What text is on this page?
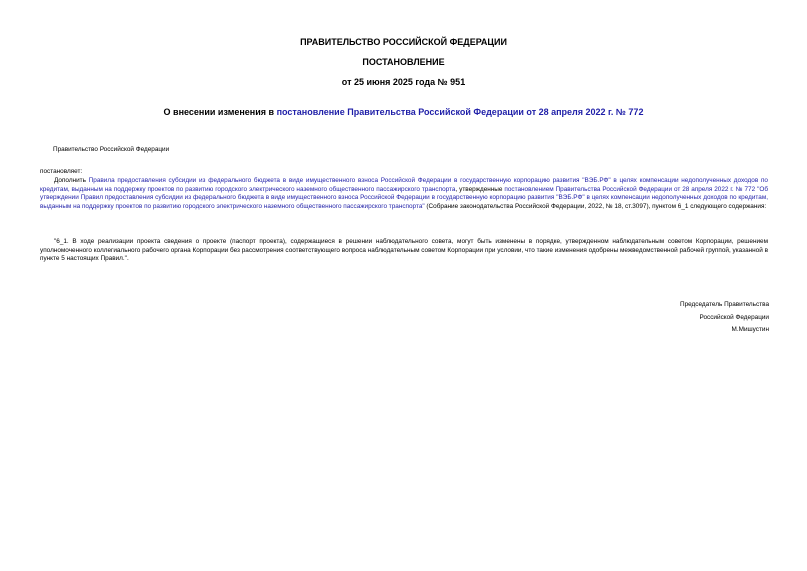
ПРАВИТЕЛЬСТВО РОССИЙСКОЙ ФЕДЕРАЦИИ
ПОСТАНОВЛЕНИЕ
от 25 июня 2025 года № 951
О внесении изменения в постановление Правительства Российской Федерации от 28 апреля 2022 г. № 772
Правительство Российской Федерации
постановляет:
Дополнить Правила предоставления субсидии из федерального бюджета в виде имущественного взноса Российской Федерации в государственную корпорацию развития "ВЭБ.РФ" в целях компенсации недополученных доходов по кредитам, выданным на поддержку проектов по развитию городского электрического наземного общественного пассажирского транспорта, утвержденные постановлением Правительства Российской Федерации от 28 апреля 2022 г. № 772 "Об утверждении Правил предоставления субсидии из федерального бюджета в виде имущественного взноса Российской Федерации в государственную корпорацию развития "ВЭБ.РФ" в целях компенсации недополученных доходов по кредитам, выданным на поддержку проектов по развитию городского электрического наземного общественного пассажирского транспорта" (Собрание законодательства Российской Федерации, 2022, № 18, ст.3097), пунктом 6_1 следующего содержания:
"6_1. В ходе реализации проекта сведения о проекте (паспорт проекта), содержащиеся в решении наблюдательного совета, могут быть изменены в порядке, утвержденном наблюдательным советом Корпорации, решением уполномоченного коллегиального рабочего органа Корпорации без рассмотрения соответствующего вопроса наблюдательным советом Корпорации при условии, что такие изменения одобрены межведомственной рабочей группой, указанной в пункте 5 настоящих Правил.".
Председатель Правительства
Российской Федерации
М.Мишустин
